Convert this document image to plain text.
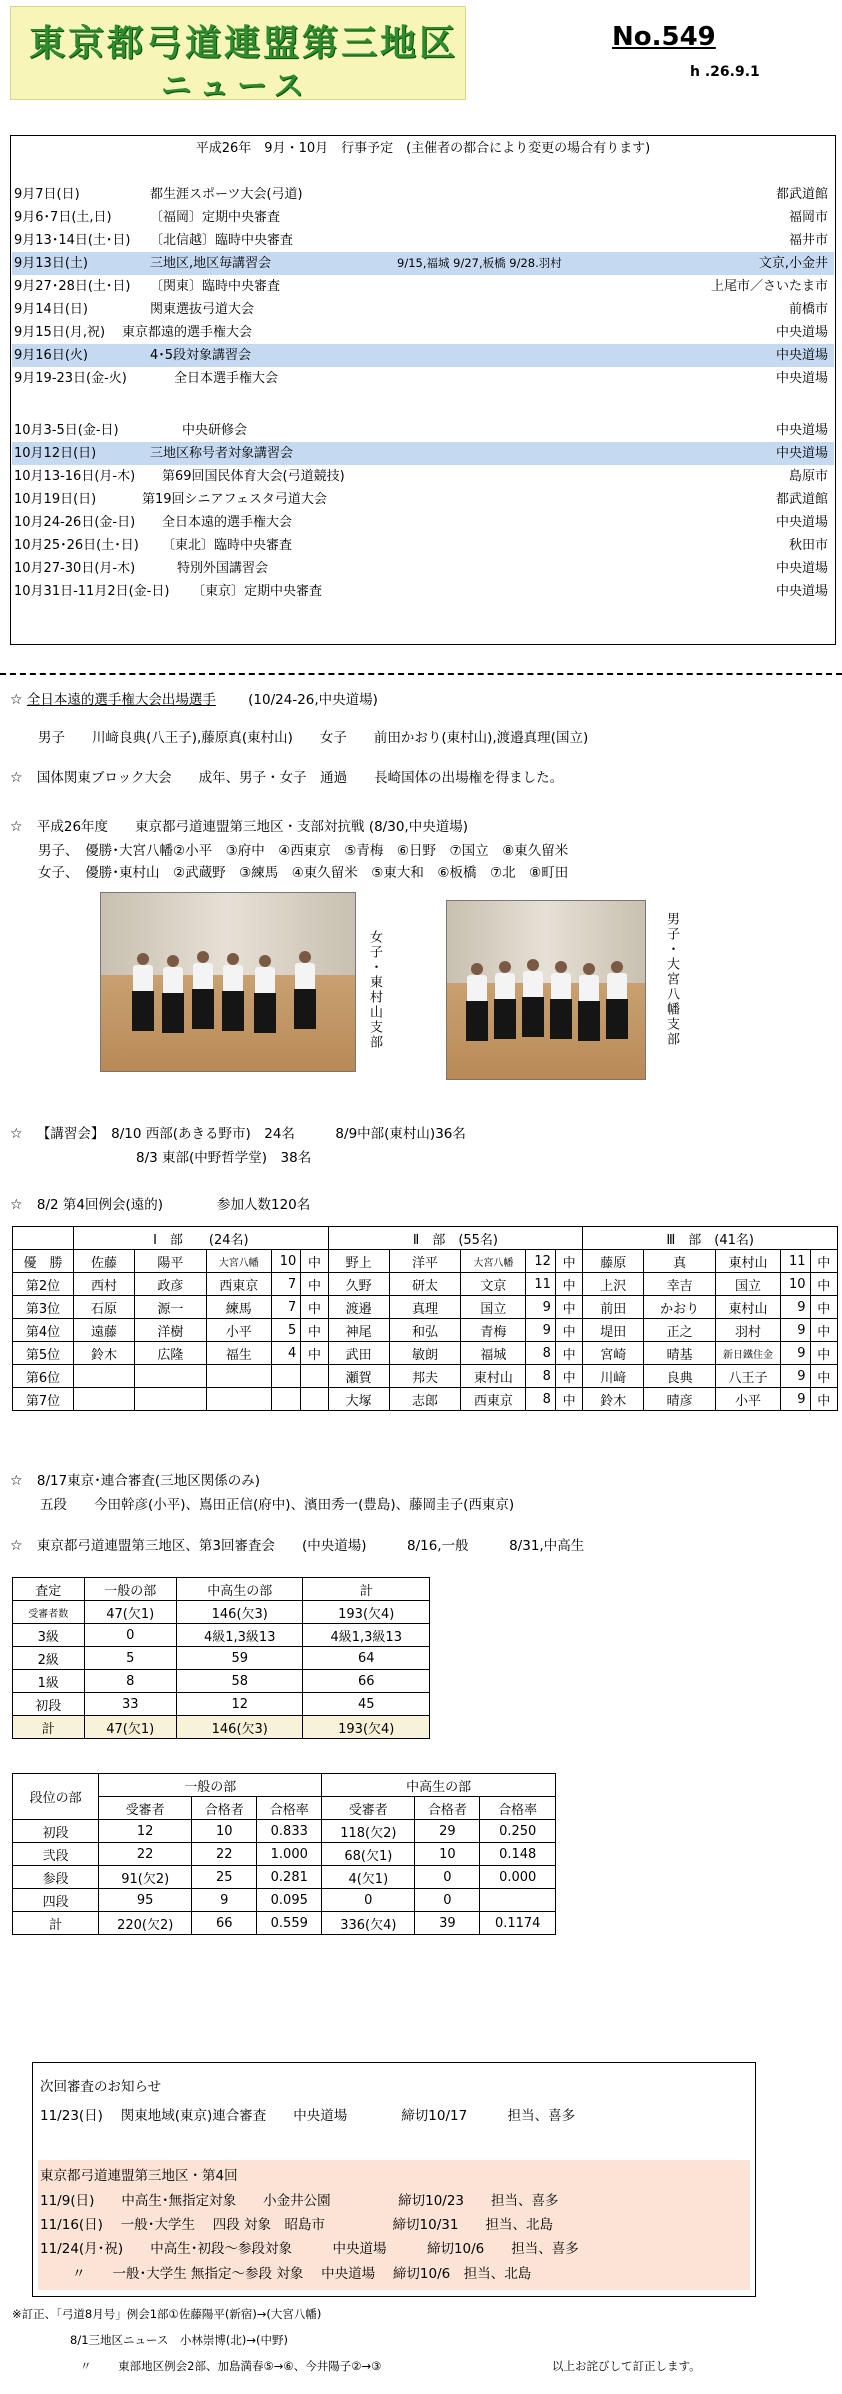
東京都弓道連盟第三地区
ニュース
No.549
h .26.9.1
平成26年　9月・10月　行事予定　(主催者の都合により変更の場合有ります)
9月7日(日)	都生涯スポーツ大会(弓道)	都武道館
9月6･7日(土,日)	〔福岡〕定期中央審査	福岡市
9月13･14日(土･日) 〔北信越〕臨時中央審査	福井市
9月13日(土)	三地区,地区毎講習会	9/15,福城 9/27,板橋 9/28.羽村	文京,小金井
9月27･28日(土･日) 〔関東〕臨時中央審査	上尾市／さいたま市
9月14日(日)	関東選抜弓道大会	前橋市
9月15日(月,祝) 東京都遠的選手権大会	中央道場
9月16日(火)	4･5段対象講習会	中央道場
9月19-23日(金-火)	全日本選手権大会	中央道場
10月3-5日(金-日)	中央研修会	中央道場
10月12日(日)	三地区称号者対象講習会	中央道場
10月13-16日(月-木) 第69回国民体育大会(弓道競技)	島原市
10月19日(日)	第19回シニアフェスタ弓道大会	都武道館
10月24-26日(金-日) 全日本遠的選手権大会	中央道場
10月25･26日(土･日) 〔東北〕臨時中央審査	秋田市
10月27-30日(月-木)	特別外国講習会	中央道場
10月31日-11月2日(金-日) 〔東京〕定期中央審査	中央道場
☆ 全日本遠的選手権大会出場選手 (10/24-26,中央道場)
男子　　川﨑良典(八王子),藤原真(東村山)　　女子　　前田かおり(東村山),渡邉真理(国立)
☆ 国体関東ブロック大会　　成年、男子・女子　通過　　長崎国体の出場権を得ました。
☆ 平成26年度　　東京都弓道連盟第三地区・支部対抗戦 (8/30,中央道場)
男子、　優勝･大宮八幡②小平　③府中　④西東京　⑤青梅　⑥日野　⑦国立　⑧東久留米
女子、　優勝･東村山　②武蔵野　③練馬　④東久留米　⑤東大和　⑥板橋　⑦北　⑧町田
女子・東村山支部	男子・大宮八幡支部
☆ 【講習会】　8/10 西部(あきる野市)　24名　　　8/9中部(東村山)36名
8/3 東部(中野哲学堂)　38名
☆ 8/2 第4回例会(遠的)　　　　参加人数120名
	Ⅰ　部　　(24名)					Ⅱ　部　(55名)					Ⅲ　部　(41名)				
優　勝	佐藤	陽平	大宮八幡	10	中	野上	洋平	大宮八幡	12	中	藤原	真	東村山	11	中
第2位	西村	政彦	西東京	7	中	久野	研太	文京	11	中	上沢	幸吉	国立	10	中
第3位	石原	源一	練馬	7	中	渡邉	真理	国立	9	中	前田	かおり	東村山	9	中
第4位	遠藤	洋樹	小平	5	中	神尾	和弘	青梅	9	中	堤田	正之	羽村	9	中
第5位	鈴木	広隆	福生	4	中	武田	敏朗	福城	8	中	宮崎	晴基	新日鐵住金	9	中
第6位						瀬賀	邦夫	東村山	8	中	川﨑	良典	八王子	9	中
第7位						大塚	志郎	西東京	8	中	鈴木	晴彦	小平	9	中
☆ 8/17東京･連合審査(三地区関係のみ)
五段　　今田幹彦(小平)、嶌田正信(府中)、濱田秀一(豊島)、藤岡圭子(西東京)
☆ 東京都弓道連盟第三地区、第3回審査会　　(中央道場)　　　8/16,一般　　　8/31,中高生
査定	一般の部	中高生の部	計
受審者数	47(欠1)	146(欠3)	193(欠4)
3級	0	4級1,3級13	4級1,3級13
2級	5	59	64
1級	8	58	66
初段	33	12	45
計	47(欠1)	146(欠3)	193(欠4)
段位の部	一般の部			中高生の部		
	受審者	合格者	合格率	受審者	合格者	合格率
初段	12	10	0.833	118(欠2)	29	0.250
弐段	22	22	1.000	68(欠1)	10	0.148
参段	91(欠2)	25	0.281	4(欠1)	0	0.000
四段	95	9	0.095	0	0	
計	220(欠2)	66	0.559	336(欠4)	39	0.1174
次回審査のお知らせ
11/23(日)　 関東地域(東京)連合審査　　中央道場　　　　締切10/17　　　担当、喜多
東京都弓道連盟第三地区・第4回
11/9(日)　　中高生･無指定対象　　小金井公園　　　　　締切10/23　　担当、喜多
11/16(日)　 一般･大学生　 四段 対象　昭島市　　　　　締切10/31　　担当、北島
11/24(月･祝)　　中高生･初段～参段対象　　　中央道場　　　締切10/6　　担当、喜多
〃　　一般･大学生 無指定～参段 対象　 中央道場　 締切10/6　担当、北島
※訂正、「弓道8月号」例会1部①佐藤陽平(新宿)→(大宮八幡)
8/1三地区ニュース　小林崇博(北)→(中野)
〃　　 東部地区例会2部、加島満春⑤→⑥、今井陽子②→③	以上お詫びして訂正します。
